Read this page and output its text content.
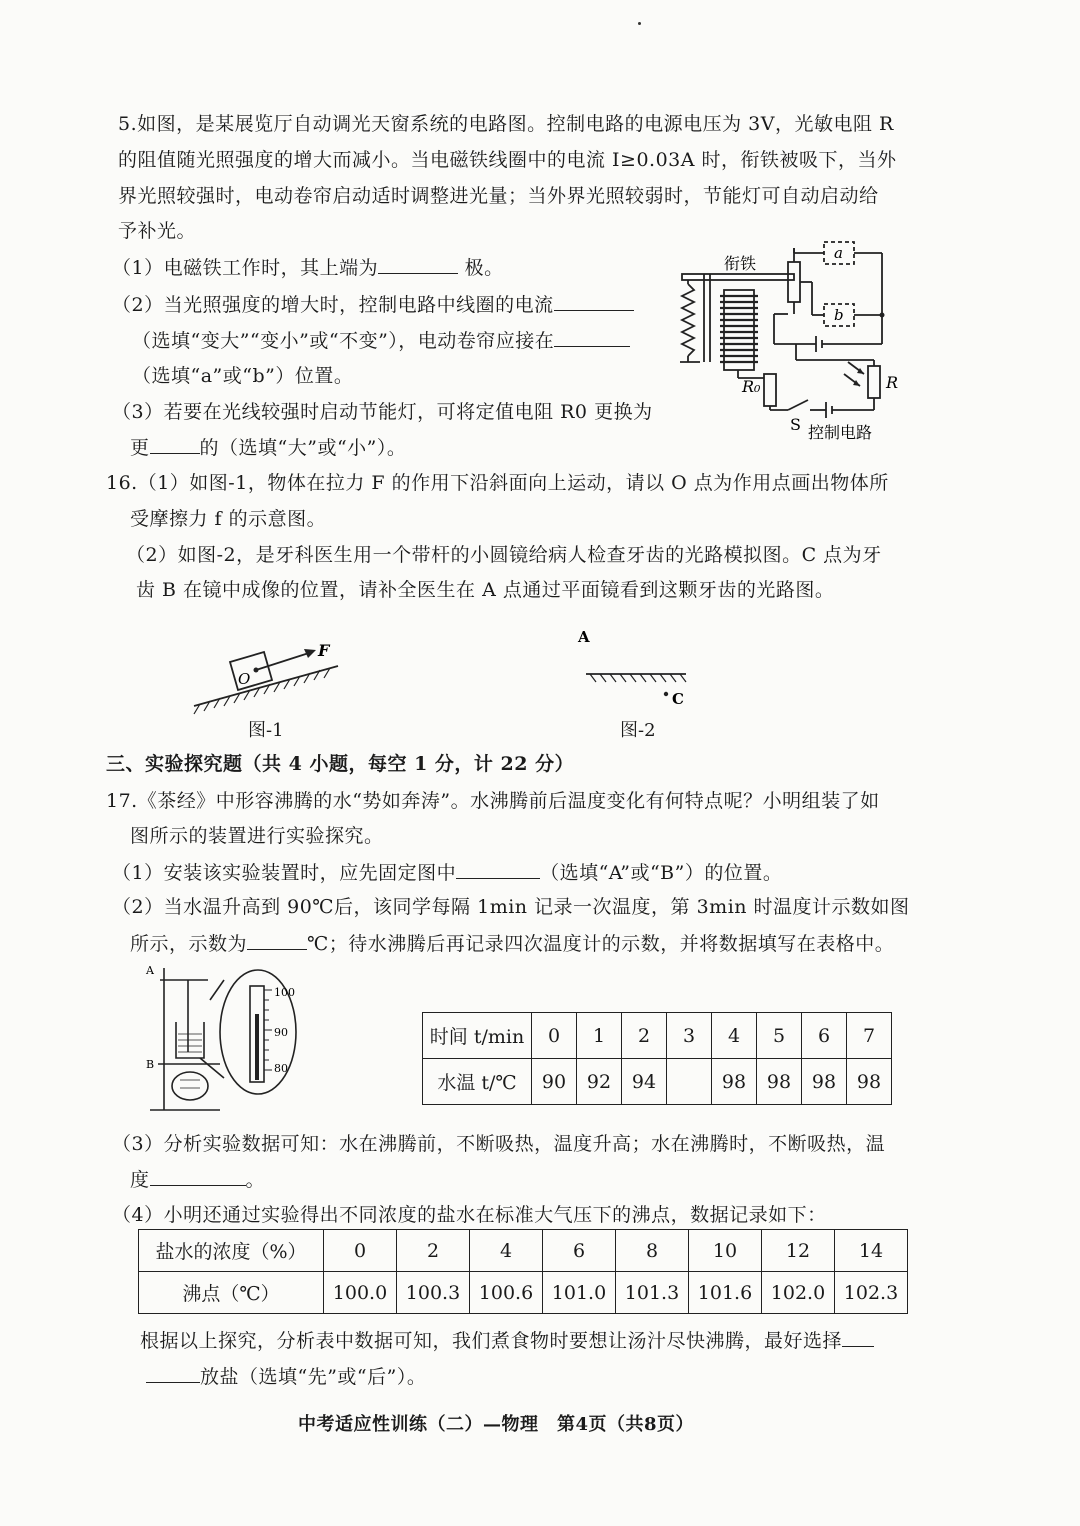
5.如图，是某展览厅自动调光天窗系统的电路图。控制电路的电源电压为 3V，光敏电阻 R
的阻值随光照强度的增大而减小。当电磁铁线圈中的电流 I≥0.03A 时，衔铁被吸下，当外
界光照较强时，电动卷帘启动适时调整进光量；当外界光照较弱时，节能灯可自动启动给
予补光。
（1）电磁铁工作时，其上端为	极。
（2）当光照强度的增大时，控制电路中线圈的电流
（选填“变大”“变小”或“不变”），电动卷帘应接在
（选填“a”或“b”）位置。
（3）若要在光线较强时启动节能灯，可将定值电阻 R0 更换为
更	的（选填“大”或“小”）。
衔铁
a
b
R₀	R
S 控制电路
16.（1）如图-1，物体在拉力 F 的作用下沿斜面向上运动，请以 O 点为作用点画出物体所
受摩擦力 f 的示意图。
（2）如图-2，是牙科医生用一个带杆的小圆镜给病人检查牙齿的光路模拟图。C 点为牙
齿 B 在镜中成像的位置，请补全医生在 A 点通过平面镜看到这颗牙齿的光路图。
F
O
图-1
A
C
图-2
三、实验探究题（共 4 小题，每空 1 分，计 22 分）
17.《茶经》中形容沸腾的水“势如奔涛”。水沸腾前后温度变化有何特点呢？小明组装了如
图所示的装置进行实验探究。
（1）安装该实验装置时，应先固定图中	（选填“A”或“B”）的位置。
（2）当水温升高到 90℃后，该同学每隔 1min 记录一次温度，第 3min 时温度计示数如图
所示，示数为	℃；待水沸腾后再记录四次温度计的示数，并将数据填写在表格中。
A
B
100
90
80
时间 t/min	0	1	2	3	4	5	6	7
水温 t/℃	90	92	94		98	98	98	98
（3）分析实验数据可知：水在沸腾前，不断吸热，温度升高；水在沸腾时，不断吸热，温
度	。
（4）小明还通过实验得出不同浓度的盐水在标准大气压下的沸点，数据记录如下：
盐水的浓度（%）	0	2	4	6	8	10	12	14
沸点（℃）	100.0	100.3	100.6	101.0	101.3	101.6	102.0	102.3
根据以上探究，分析表中数据可知，我们煮食物时要想让汤汁尽快沸腾，最好选择
放盐（选填“先”或“后”）。
中考适应性训练（二）—物理　第4页（共8页）
